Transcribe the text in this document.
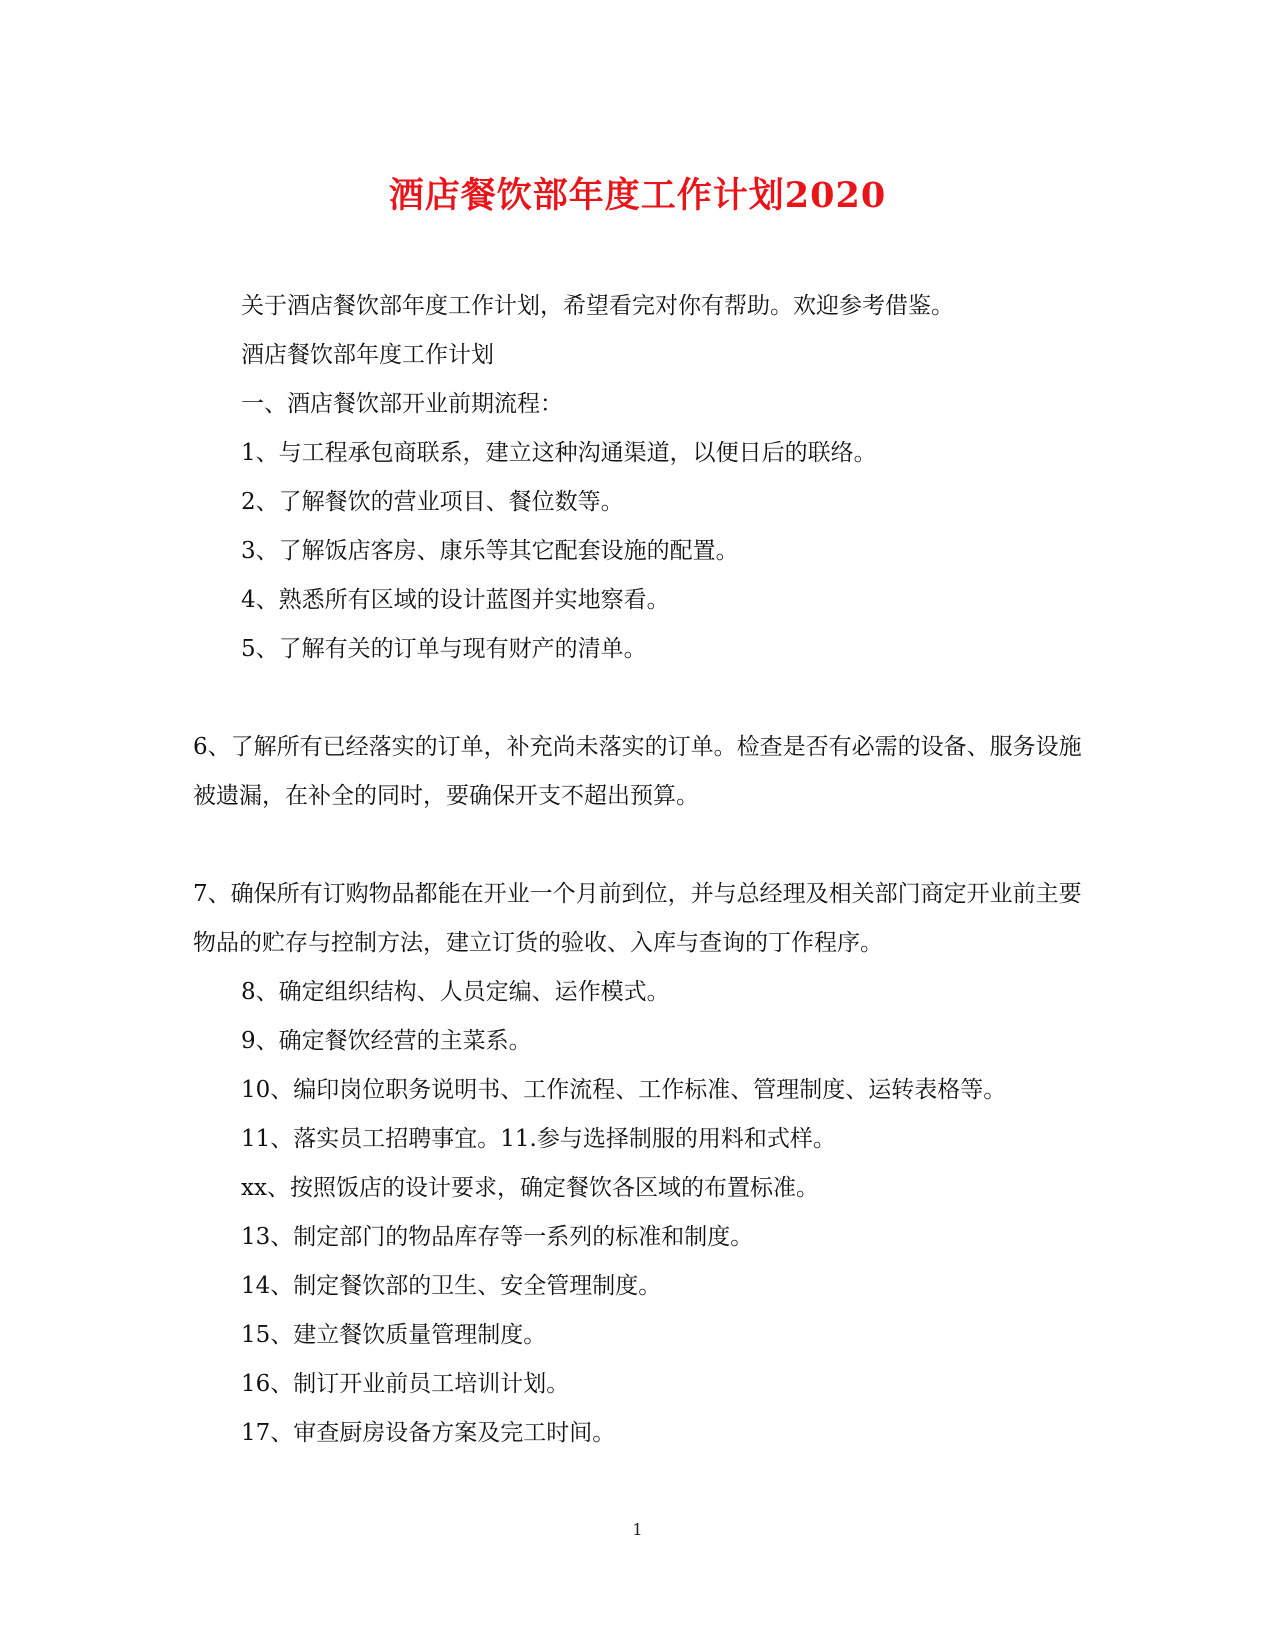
酒店餐饮部年度工作计划2020

关于酒店餐饮部年度工作计划，希望看完对你有帮助。欢迎参考借鉴。

酒店餐饮部年度工作计划

一、酒店餐饮部开业前期流程：

1、与工程承包商联系，建立这种沟通渠道，以便日后的联络。

2、了解餐饮的营业项目、餐位数等。

3、了解饭店客房、康乐等其它配套设施的配置。

4、熟悉所有区域的设计蓝图并实地察看。

5、了解有关的订单与现有财产的清单。

6、了解所有已经落实的订单，补充尚未落实的订单。检查是否有必需的设备、服务设施被遗漏，在补全的同时，要确保开支不超出预算。

7、确保所有订购物品都能在开业一个月前到位，并与总经理及相关部门商定开业前主要物品的贮存与控制方法，建立订货的验收、入库与查询的丁作程序。

8、确定组织结构、人员定编、运作模式。

9、确定餐饮经营的主菜系。

10、编印岗位职务说明书、工作流程、工作标准、管理制度、运转表格等。

11、落实员工招聘事宜。11.参与选择制服的用料和式样。

xx、按照饭店的设计要求，确定餐饮各区域的布置标准。

13、制定部门的物品库存等一系列的标准和制度。

14、制定餐饮部的卫生、安全管理制度。

15、建立餐饮质量管理制度。

16、制订开业前员工培训计划。

17、审查厨房设备方案及完工时间。

1
